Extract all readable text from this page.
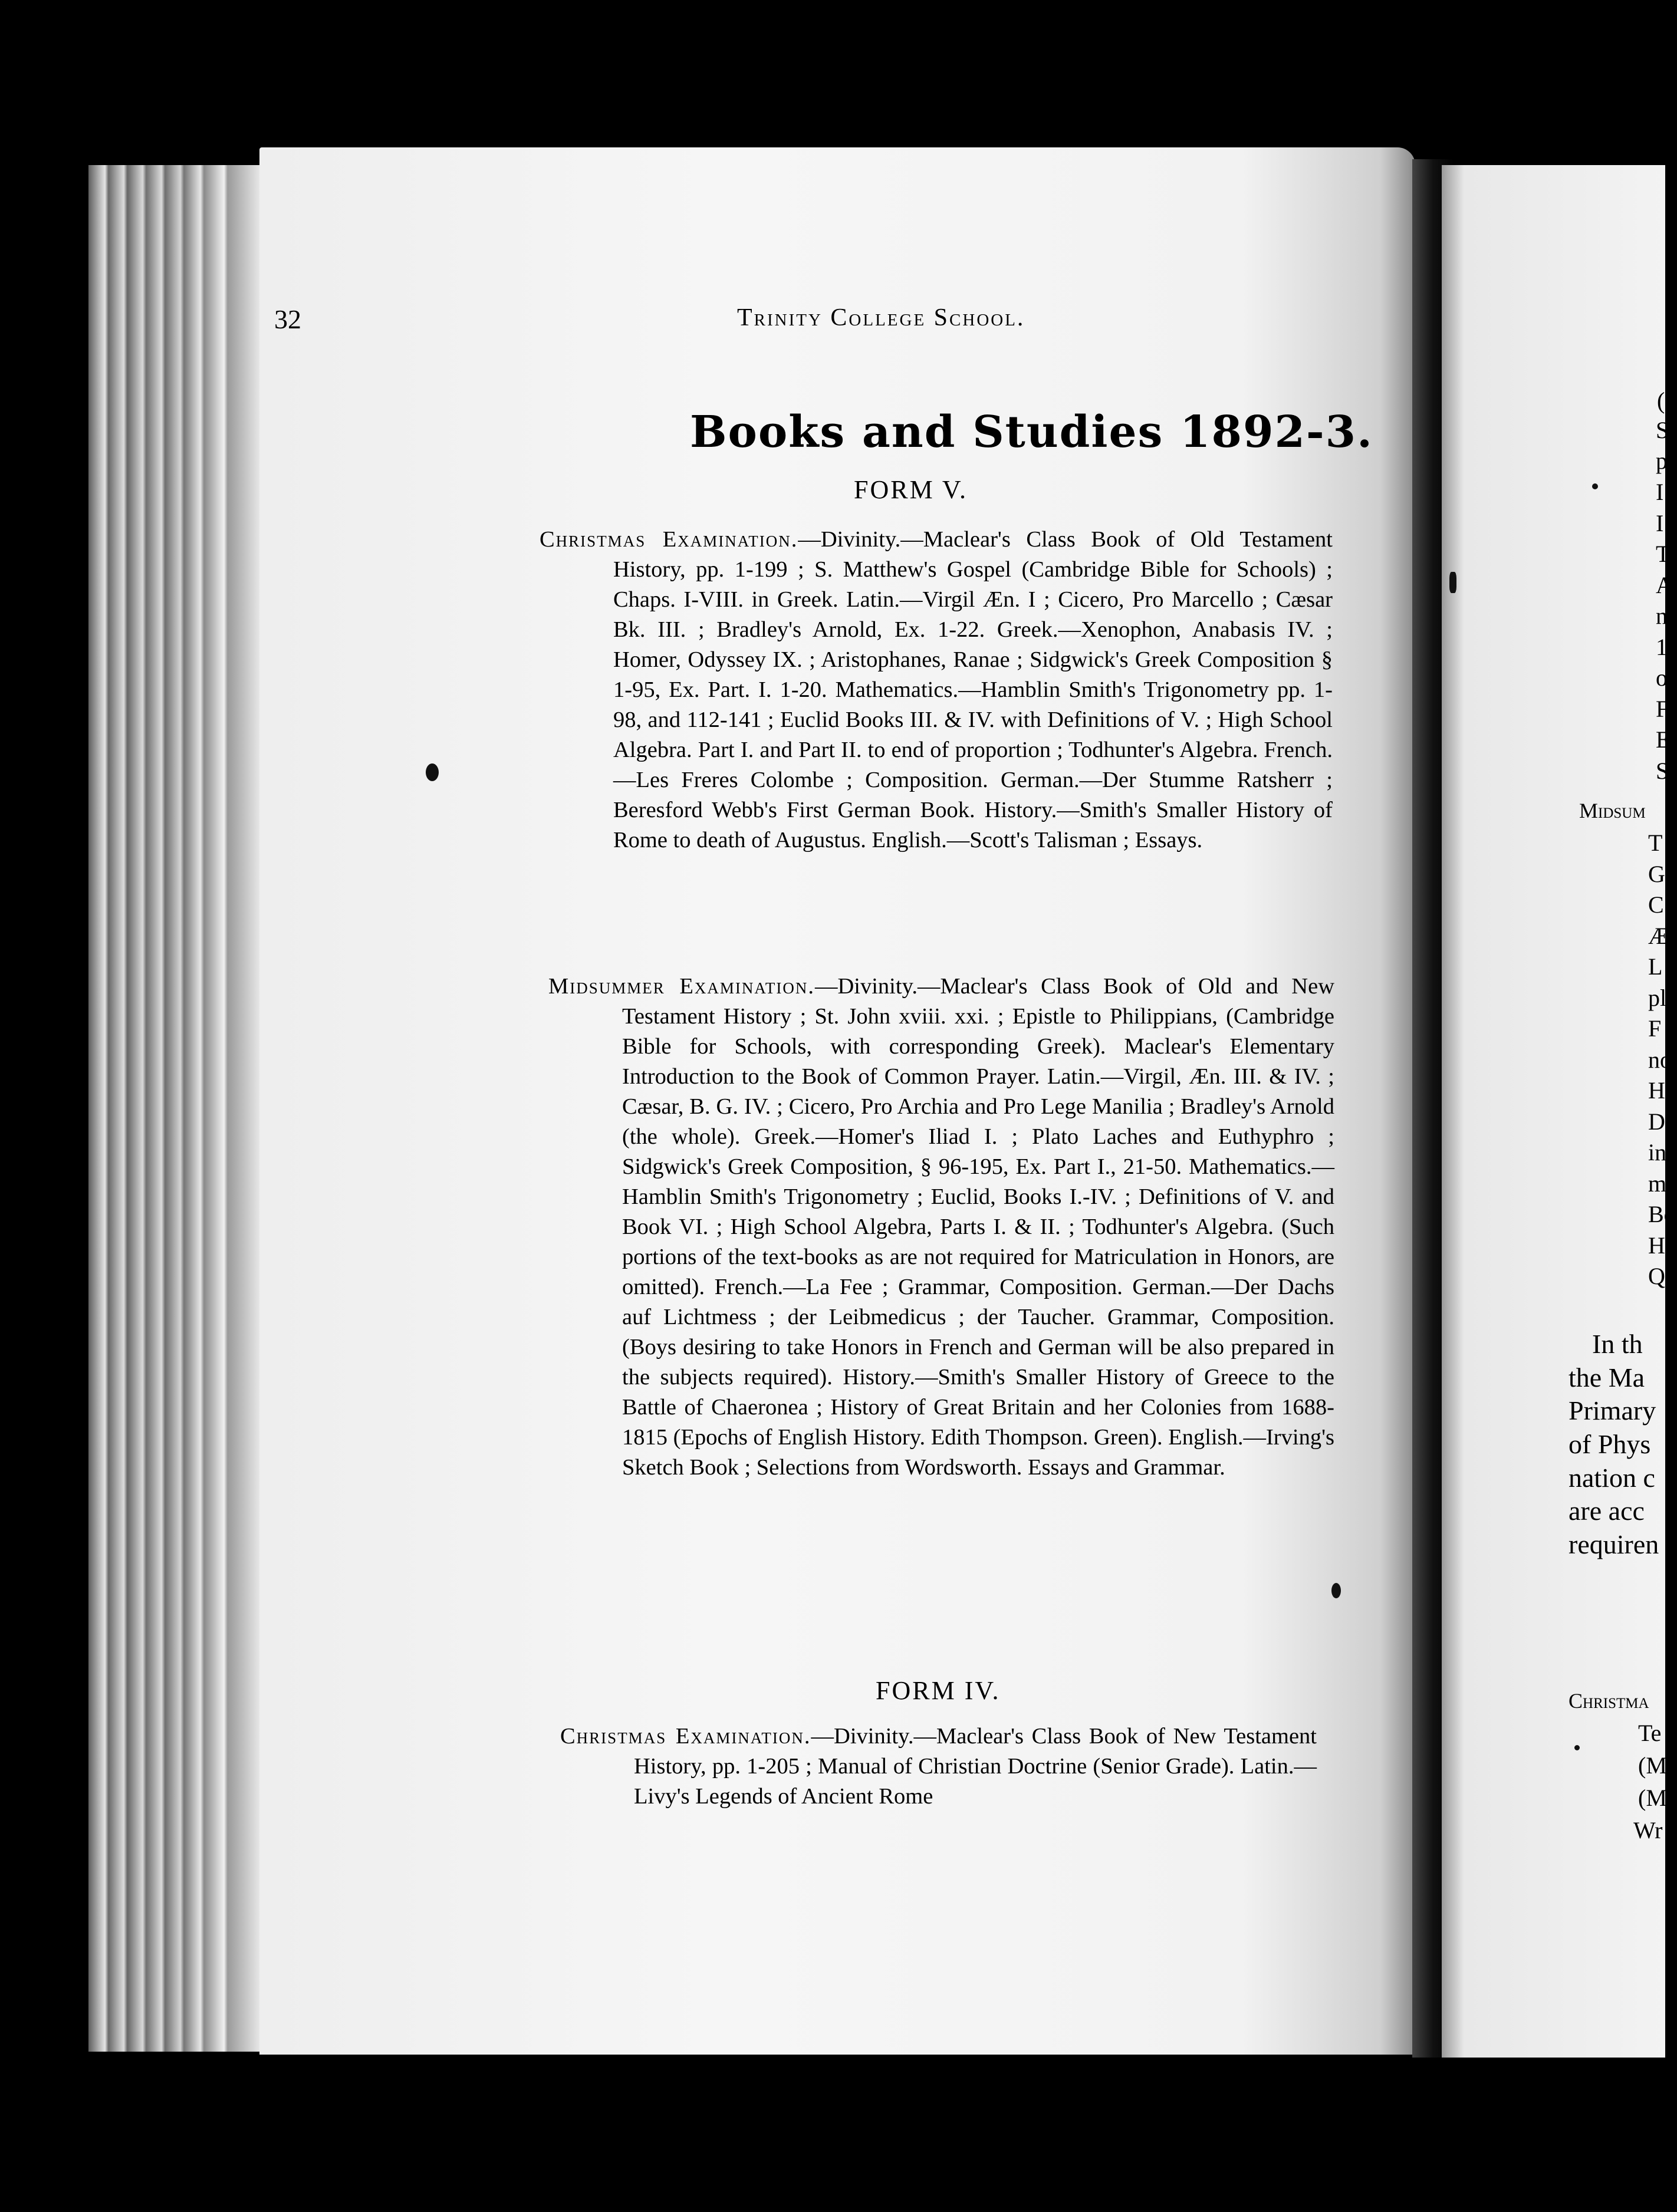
32	Trinity College School.
Books and Studies 1892-3.
FORM V.
Christmas Examination.—Divinity.—Maclear's Class Book of Old Testament History, pp. 1-199 ; S. Matthew's Gospel (Cambridge Bible for Schools) ; Chaps. I-VIII. in Greek. Latin.—Virgil Æn. I ; Cicero, Pro Marcello ; Cæsar Bk. III. ; Bradley's Arnold, Ex. 1-22. Greek.—Xenophon, Anabasis IV. ; Homer, Odyssey IX. ; Aristophanes, Ranae ; Sidgwick's Greek Composition § 1-95, Ex. Part. I. 1-20. Mathematics.—Hamblin Smith's Trigonometry pp. 1-98, and 112-141 ; Euclid Books III. & IV. with Definitions of V. ; High School Algebra. Part I. and Part II. to end of proportion ; Todhunter's Algebra. French.—Les Freres Colombe ; Composition. German.—Der Stumme Ratsherr ; Beresford Webb's First German Book. History.—Smith's Smaller History of Rome to death of Augustus. English.—Scott's Talisman ; Essays.
Midsummer Examination.—Divinity.—Maclear's Class Book of Old and New Testament History ; St. John xviii. xxi. ; Epistle to Philippians, (Cambridge Bible for Schools, with corresponding Greek). Maclear's Elementary Introduction to the Book of Common Prayer. Latin.—Virgil, Æn. III. & IV. ; Cæsar, B. G. IV. ; Cicero, Pro Archia and Pro Lege Manilia ; Bradley's Arnold (the whole). Greek.—Homer's Iliad I. ; Plato Laches and Euthyphro ; Sidgwick's Greek Composition, § 96-195, Ex. Part I., 21-50. Mathematics.—Hamblin Smith's Trigonometry ; Euclid, Books I.-IV. ; Definitions of V. and Book VI. ; High School Algebra, Parts I. & II. ; Todhunter's Algebra. (Such portions of the text-books as are not required for Matriculation in Honors, are omitted). French.—La Fee ; Grammar, Composition. German.—Der Dachs auf Lichtmess ; der Leibmedicus ; der Taucher. Grammar, Composition. (Boys desiring to take Honors in French and German will be also prepared in the subjects required). History.—Smith's Smaller History of Greece to the Battle of Chaeronea ; History of Great Britain and her Colonies from 1688-1815 (Epochs of English History. Edith Thompson. Green). English.—Irving's Sketch Book ; Selections from Wordsworth. Essays and Grammar.
FORM IV.
Christmas Examination.—Divinity.—Maclear's Class Book of New Testament History, pp. 1-205 ; Manual of Christian Doctrine (Senior Grade). Latin.—Livy's Legends of Ancient Rome
(
S
p
I
I
T
A
n
1
o
F
E
S
Midsum
T
G
C
Æ
L
pl
F
no
H
D
in
m
Bo
H
Qu
In th
the Ma
Primary
of Phys
nation c
are acc
requiren
Christma
Te
(M
(M
Wr
